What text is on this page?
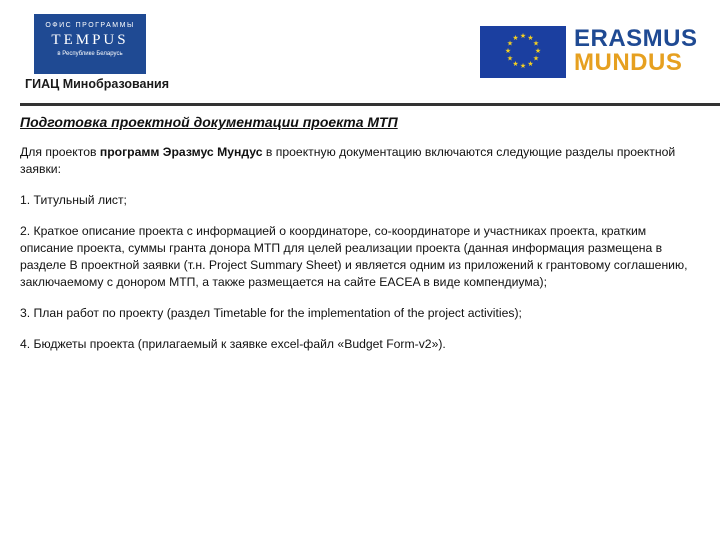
ОФИС ПРОГРАММЫ
TEMPUS
в Республике Беларусь
ГИАЦ Минобразования
★ ★
★
★
★
★
★
★
★
★
★
★ ERASMUS
MUNDUS
Подготовка проектной документации проекта МТП

Для проектов программ Эразмус Мундус в проектную документацию включаются следующие разделы проектной заявки:

1. Титульный лист;

2. Краткое описание проекта с информацией о координаторе, со-координаторе и участниках проекта, кратким описание проекта, суммы гранта донора МТП для целей реализации проекта (данная информация размещена в разделе B проектной заявки (т.н. Project Summary Sheet) и является одним из приложений к грантовому соглашению, заключаемому с донором МТП, а также размещается на сайте EACEA в виде компендиума);

3. План работ по проекту (раздел Timetable for the implementation of the project activities);

4. Бюджеты проекта (прилагаемый к заявке excel-файл «Budget Form-v2»).
